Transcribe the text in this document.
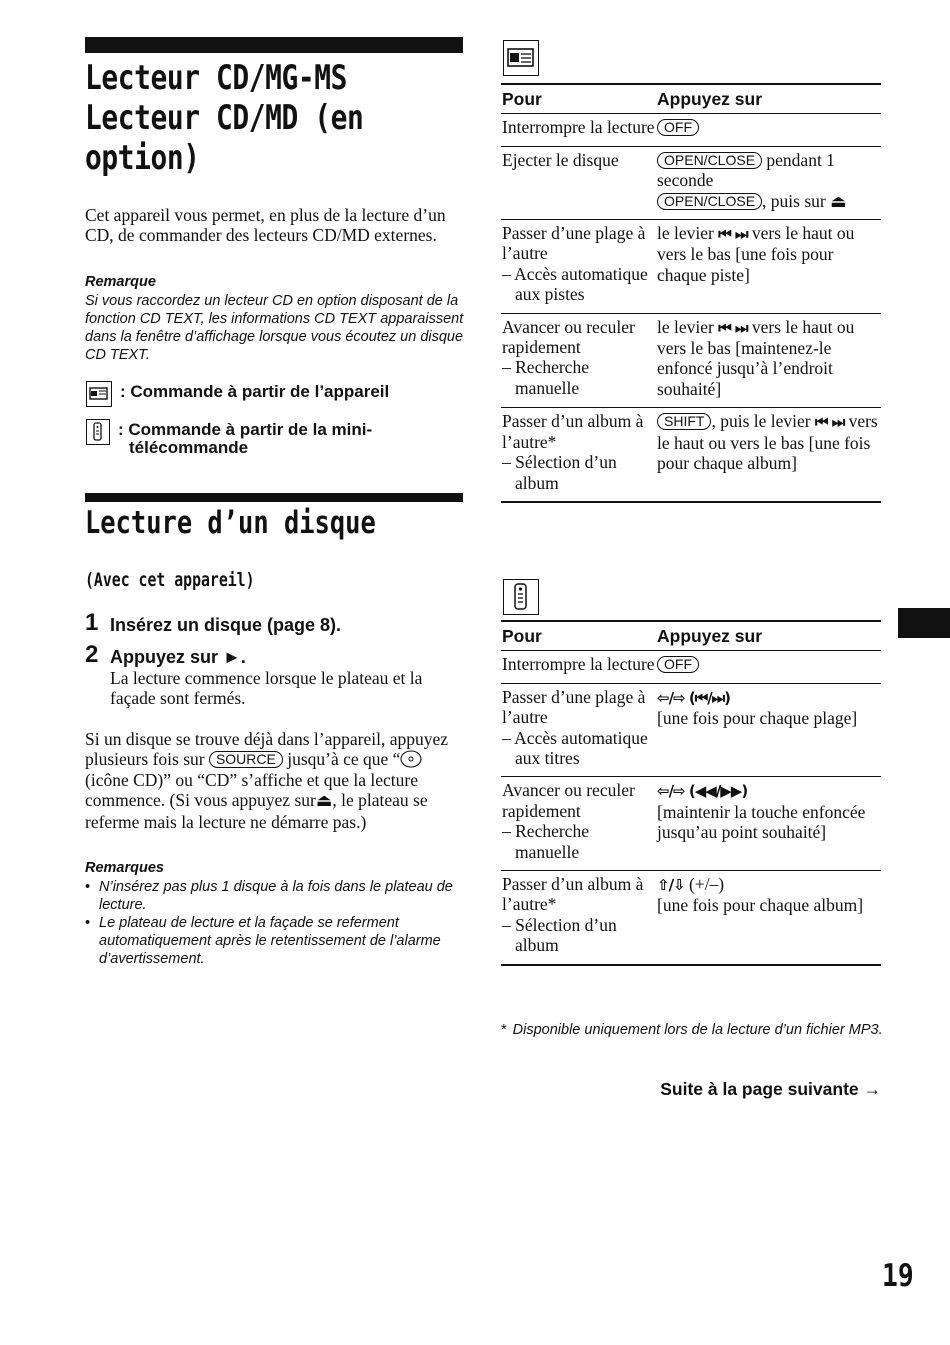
Lecteur CD/MG-MS
Lecteur CD/MD (en
option)
Cet appareil vous permet, en plus de la lecture d’un CD, de commander des lecteurs CD/MD externes.
Remarque
Si vous raccordez un lecteur CD en option disposant de la fonction CD TEXT, les informations CD TEXT apparaissent dans la fenêtre d’affichage lorsque vous écoutez un disque CD TEXT.
: Commande à partir de l’appareil
: Commande à partir de la mini-
télécommande
Lecture d’un disque
(Avec cet appareil)
1 Insérez un disque (page 8).
2 Appuyez sur ►.
La lecture commence lorsque le plateau et la façade sont fermés.
Si un disque se trouve déjà dans l’appareil, appuyez plusieurs fois sur SOURCE jusqu’à ce que “ (icône CD)” ou “CD” s’affiche et que la lecture commence. (Si vous appuyez sur⏏, le plateau se referme mais la lecture ne démarre pas.)
Remarques
• N’insérez pas plus 1 disque à la fois dans le plateau de lecture.
• Le plateau de lecture et la façade se referment automatiquement après le retentissement de l’alarme d’avertissement.
Pour	Appuyez sur
Interrompre la lecture	OFF
Ejecter le disque	OPEN/CLOSE pendant 1 seconde
OPEN/CLOSE , puis sur ⏏
Passer d’une plage à l’autre
– Accès automatique aux pistes	le levier ⏮ ⏭ vers le haut ou vers le bas [une fois pour chaque piste]
Avancer ou reculer rapidement
– Recherche manuelle	le levier ⏮ ⏭ vers le haut ou vers le bas [maintenez-le enfoncé jusqu’à l’endroit souhaité]
Passer d’un album à l’autre*
– Sélection d’un album	SHIFT , puis le levier ⏮ ⏭ vers le haut ou vers le bas [une fois pour chaque album]
Pour	Appuyez sur
Interrompre la lecture	OFF
Passer d’une plage à l’autre
– Accès automatique aux titres	⇦/⇨ (⏮/⏭)
[une fois pour chaque plage]
Avancer ou reculer rapidement
– Recherche manuelle	⇦/⇨ (◀◀/▶▶)
[maintenir la touche enfoncée jusqu’au point souhaité]
Passer d’un album à l’autre*
– Sélection d’un album	⇧/⇩ (+/–)
[une fois pour chaque album]
* Disponible uniquement lors de la lecture d’un fichier MP3.
Suite à la page suivante →
19
